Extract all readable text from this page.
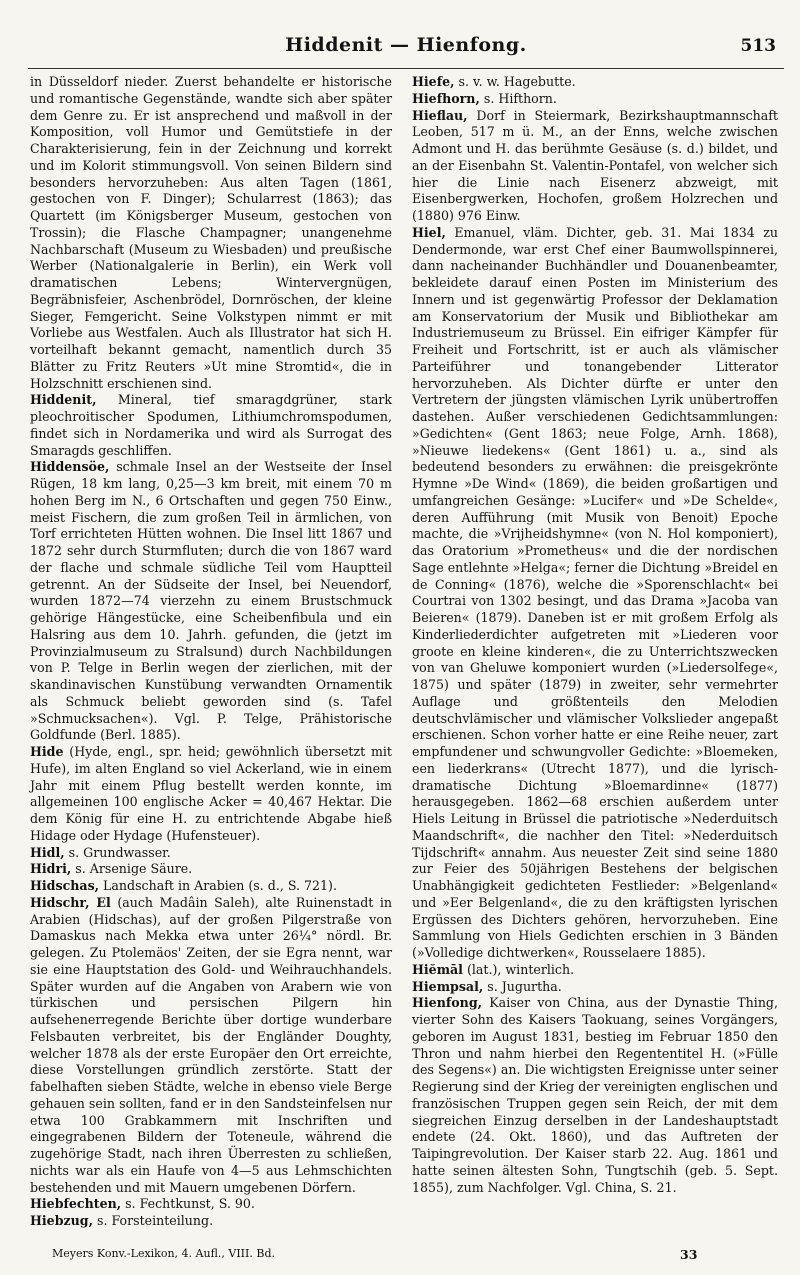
Hiddenit — Hienfong.	513

in Düsseldorf nieder. Zuerst behandelte er historische und romantische Gegenstände, wandte sich aber später dem Genre zu. Er ist ansprechend und maßvoll in der Komposition, voll Humor und Gemütstiefe in der Charakterisierung, fein in der Zeichnung und korrekt und im Kolorit stimmungsvoll. Von seinen Bildern sind besonders hervorzuheben: Aus alten Tagen (1861, gestochen von F. Dinger); Schularrest (1863); das Quartett (im Königsberger Museum, gestochen von Trossin); die Flasche Champagner; unangenehme Nachbarschaft (Museum zu Wiesbaden) und preußische Werber (Nationalgalerie in Berlin), ein Werk voll dramatischen Lebens; Wintervergnügen, Begräbnisfeier, Aschenbrödel, Dornröschen, der kleine Sieger, Femgericht. Seine Volkstypen nimmt er mit Vorliebe aus Westfalen. Auch als Illustrator hat sich H. vorteilhaft bekannt gemacht, namentlich durch 35 Blätter zu Fritz Reuters »Ut mine Stromtid«, die in Holzschnitt erschienen sind.

Hiddenit, Mineral, tief smaragdgrüner, stark pleochroitischer Spodumen, Lithiumchromspodumen, findet sich in Nordamerika und wird als Surrogat des Smaragds geschliffen.

Hiddensöe, schmale Insel an der Westseite der Insel Rügen, 18 km lang, 0,25—3 km breit, mit einem 70 m hohen Berg im N., 6 Ortschaften und gegen 750 Einw., meist Fischern, die zum großen Teil in ärmlichen, von Torf errichteten Hütten wohnen. Die Insel litt 1867 und 1872 sehr durch Sturmfluten; durch die von 1867 ward der flache und schmale südliche Teil vom Hauptteil getrennt. An der Südseite der Insel, bei Neuendorf, wurden 1872—74 vierzehn zu einem Brustschmuck gehörige Hängestücke, eine Scheibenfibula und ein Halsring aus dem 10. Jahrh. gefunden, die (jetzt im Provinzialmuseum zu Stralsund) durch Nachbildungen von P. Telge in Berlin wegen der zierlichen, mit der skandinavischen Kunstübung verwandten Ornamentik als Schmuck beliebt geworden sind (s. Tafel »Schmucksachen«). Vgl. P. Telge, Prähistorische Goldfunde (Berl. 1885).

Hide (Hyde, engl., spr. heid; gewöhnlich übersetzt mit Hufe), im alten England so viel Ackerland, wie in einem Jahr mit einem Pflug bestellt werden konnte, im allgemeinen 100 englische Acker = 40,467 Hektar. Die dem König für eine H. zu entrichtende Abgabe hieß Hidage oder Hydage (Hufensteuer).

Hidl, s. Grundwasser.

Hidri, s. Arsenige Säure.

Hidschas, Landschaft in Arabien (s. d., S. 721).

Hidschr, El (auch Madâin Saleh), alte Ruinenstadt in Arabien (Hidschas), auf der großen Pilgerstraße von Damaskus nach Mekka etwa unter 26¼° nördl. Br. gelegen. Zu Ptolemäos' Zeiten, der sie Egra nennt, war sie eine Hauptstation des Gold- und Weihrauchhandels. Später wurden auf die Angaben von Arabern wie von türkischen und persischen Pilgern hin aufsehenerregende Berichte über dortige wunderbare Felsbauten verbreitet, bis der Engländer Doughty, welcher 1878 als der erste Europäer den Ort erreichte, diese Vorstellungen gründlich zerstörte. Statt der fabelhaften sieben Städte, welche in ebenso viele Berge gehauen sein sollten, fand er in den Sandsteinfelsen nur etwa 100 Grabkammern mit Inschriften und eingegrabenen Bildern der Toteneule, während die zugehörige Stadt, nach ihren Überresten zu schließen, nichts war als ein Haufe von 4—5 aus Lehmschichten bestehenden und mit Mauern umgebenen Dörfern.

Hiebfechten, s. Fechtkunst, S. 90.

Hiebzug, s. Forsteinteilung.

Hiefe, s. v. w. Hagebutte.

Hiefhorn, s. Hifthorn.

Hieflau, Dorf in Steiermark, Bezirkshauptmannschaft Leoben, 517 m ü. M., an der Enns, welche zwischen Admont und H. das berühmte Gesäuse (s. d.) bildet, und an der Eisenbahn St. Valentin-Pontafel, von welcher sich hier die Linie nach Eisenerz abzweigt, mit Eisenbergwerken, Hochofen, großem Holzrechen und (1880) 976 Einw.

Hiel, Emanuel, vläm. Dichter, geb. 31. Mai 1834 zu Dendermonde, war erst Chef einer Baumwollspinnerei, dann nacheinander Buchhändler und Douanenbeamter, bekleidete darauf einen Posten im Ministerium des Innern und ist gegenwärtig Professor der Deklamation am Konservatorium der Musik und Bibliothekar am Industriemuseum zu Brüssel. Ein eifriger Kämpfer für Freiheit und Fortschritt, ist er auch als vlämischer Parteiführer und tonangebender Litterator hervorzuheben. Als Dichter dürfte er unter den Vertretern der jüngsten vlämischen Lyrik unübertroffen dastehen. Außer verschiedenen Gedichtsammlungen: »Gedichten« (Gent 1863; neue Folge, Arnh. 1868), »Nieuwe liedekens« (Gent 1861) u. a., sind als bedeutend besonders zu erwähnen: die preisgekrönte Hymne »De Wind« (1869), die beiden großartigen und umfangreichen Gesänge: »Lucifer« und »De Schelde«, deren Aufführung (mit Musik von Benoit) Epoche machte, die »Vrijheidshymne« (von N. Hol komponiert), das Oratorium »Prometheus« und die der nordischen Sage entlehnte »Helga«; ferner die Dichtung »Breidel en de Conning« (1876), welche die »Sporenschlacht« bei Courtrai von 1302 besingt, und das Drama »Jacoba van Beieren« (1879). Daneben ist er mit großem Erfolg als Kinderliederdichter aufgetreten mit »Liederen voor groote en kleine kinderen«, die zu Unterrichtszwecken von van Gheluwe komponiert wurden (»Liedersolfege«, 1875) und später (1879) in zweiter, sehr vermehrter Auflage und größtenteils den Melodien deutschvlämischer und vlämischer Volkslieder angepaßt erschienen. Schon vorher hatte er eine Reihe neuer, zart empfundener und schwungvoller Gedichte: »Bloemeken, een liederkrans« (Utrecht 1877), und die lyrisch-dramatische Dichtung »Bloemardinne« (1877) herausgegeben. 1862—68 erschien außerdem unter Hiels Leitung in Brüssel die patriotische »Nederduitsch Maandschrift«, die nachher den Titel: »Nederduitsch Tijdschrift« annahm. Aus neuester Zeit sind seine 1880 zur Feier des 50jährigen Bestehens der belgischen Unabhängigkeit gedichteten Festlieder: »Belgenland« und »Eer Belgenland«, die zu den kräftigsten lyrischen Ergüssen des Dichters gehören, hervorzuheben. Eine Sammlung von Hiels Gedichten erschien in 3 Bänden (»Volledige dichtwerken«, Rousselaere 1885).

Hiĕmāl (lat.), winterlich.

Hiempsal, s. Jugurtha.

Hienfong, Kaiser von China, aus der Dynastie Thing, vierter Sohn des Kaisers Taokuang, seines Vorgängers, geboren im August 1831, bestieg im Februar 1850 den Thron und nahm hierbei den Regententitel H. (»Fülle des Segens«) an. Die wichtigsten Ereignisse unter seiner Regierung sind der Krieg der vereinigten englischen und französischen Truppen gegen sein Reich, der mit dem siegreichen Einzug derselben in der Landeshauptstadt endete (24. Okt. 1860), und das Auftreten der Taipingrevolution. Der Kaiser starb 22. Aug. 1861 und hatte seinen ältesten Sohn, Tungtschih (geb. 5. Sept. 1855), zum Nachfolger. Vgl. China, S. 21.

Meyers Konv.-Lexikon, 4. Aufl., VIII. Bd.	33
